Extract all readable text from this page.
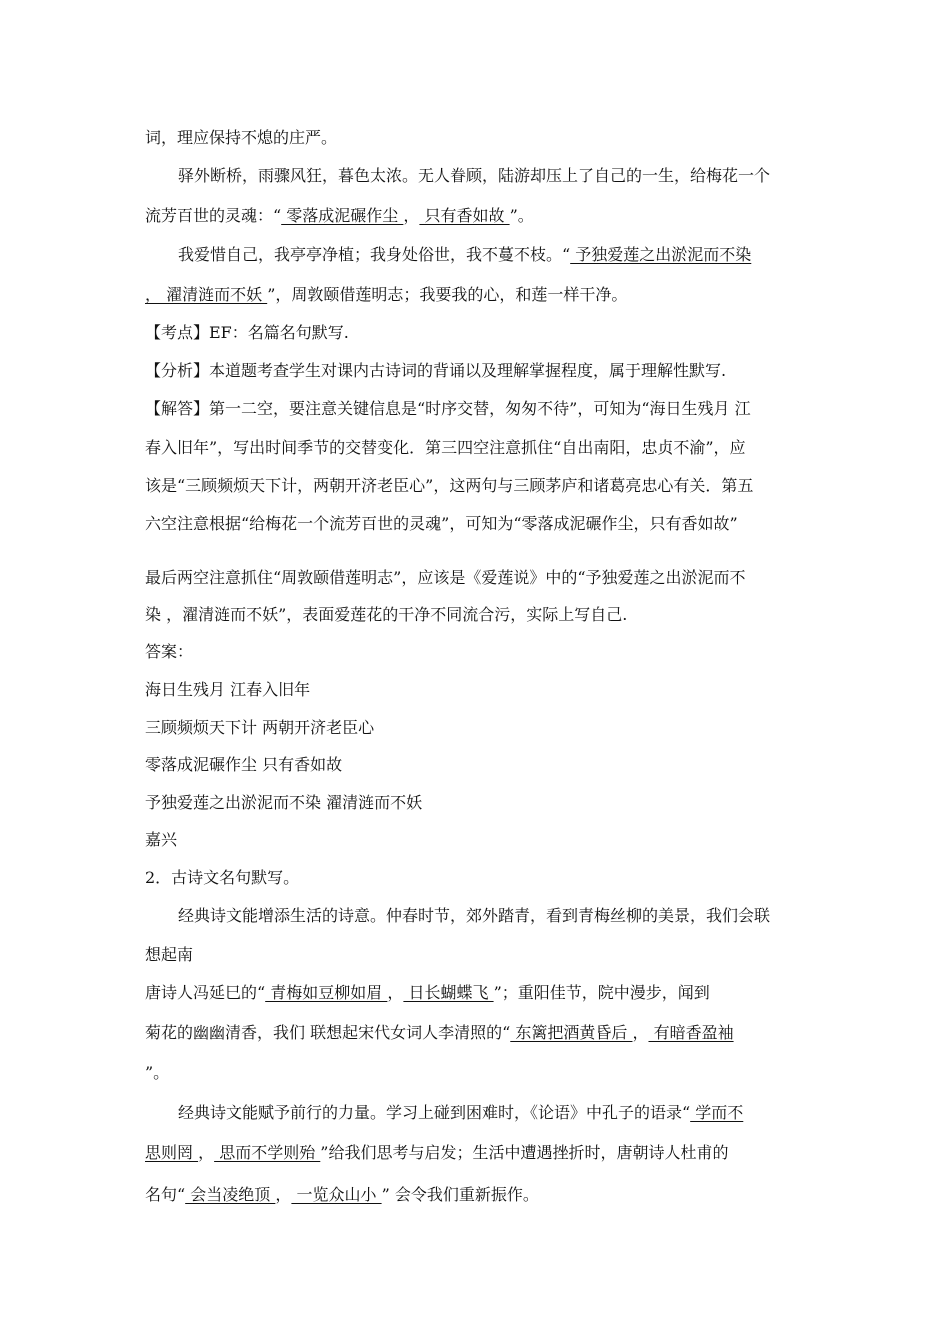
词，理应保持不熄的庄严。
驿外断桥，雨骤风狂，暮色太浓。无人眷顾，陆游却压上了自己的一生，给梅花一个
流芳百世的灵魂：“ 零落成泥碾作尘 ， 只有香如故 ”。
我爱惜自己，我亭亭净植；我身处俗世，我不蔓不枝。“ 予独爱莲之出淤泥而不染
， 濯清涟而不妖 ”，周敦颐借莲明志；我要我的心，和莲一样干净。
【考点】EF：名篇名句默写.
【分析】本道题考查学生对课内古诗词的背诵以及理解掌握程度，属于理解性默写.
【解答】第一二空，要注意关键信息是“时序交替，匆匆不待”，可知为“海日生残月 江
春入旧年”，写出时间季节的交替变化．第三四空注意抓住“自出南阳，忠贞不渝”，应
该是“三顾频烦天下计，两朝开济老臣心”，这两句与三顾茅庐和诸葛亮忠心有关．第五
六空注意根据“给梅花一个流芳百世的灵魂”，可知为“零落成泥碾作尘，只有香如故”
最后两空注意抓住“周敦颐借莲明志”，应该是《爱莲说》中的“予独爱莲之出淤泥而不
染 ，濯清涟而不妖”，表面爱莲花的干净不同流合污，实际上写自己.
答案：
海日生残月 江春入旧年
三顾频烦天下计 两朝开济老臣心
零落成泥碾作尘 只有香如故
予独爱莲之出淤泥而不染 濯清涟而不妖
嘉兴
2．古诗文名句默写。
经典诗文能增添生活的诗意。仲春时节，郊外踏青，看到青梅丝柳的美景，我们会联
想起南
唐诗人冯延巳的“ 青梅如豆柳如眉 ， 日长蝴蝶飞 ”；重阳佳节，院中漫步，闻到
菊花的幽幽清香，我们 联想起宋代女词人李清照的“ 东篱把酒黄昏后 ， 有暗香盈袖
”。
经典诗文能赋予前行的力量。学习上碰到困难时，《论语》中孔子的语录“ 学而不
思则罔 ， 思而不学则殆 ”给我们思考与启发；生活中遭遇挫折时，唐朝诗人杜甫的
名句“ 会当凌绝顶 ， 一览众山小 ” 会令我们重新振作。
